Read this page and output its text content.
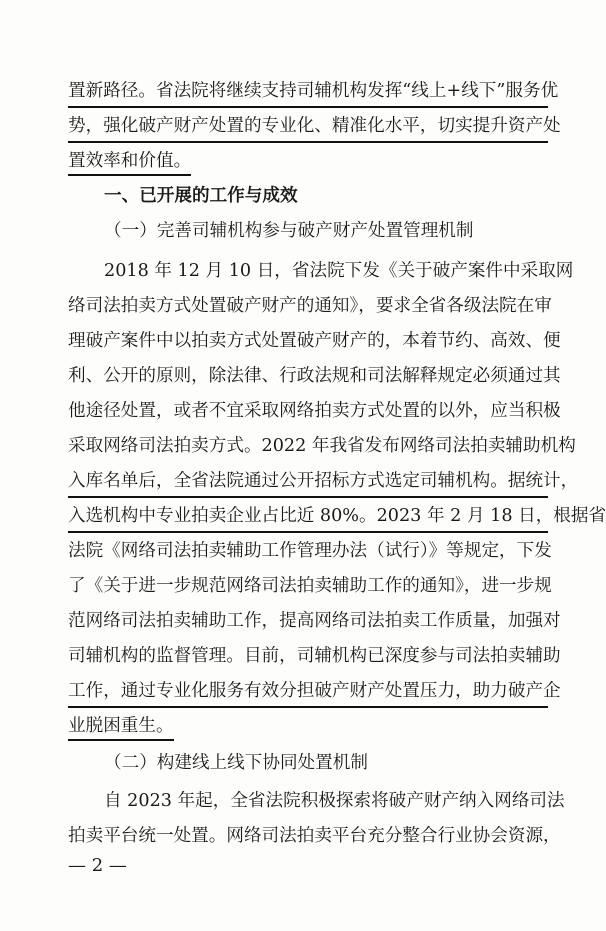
置新路径。省法院将继续支持司辅机构发挥“线上+线下”服务优
势，强化破产财产处置的专业化、精准化水平，切实提升资产处
置效率和价值。
一、已开展的工作与成效
（一）完善司辅机构参与破产财产处置管理机制
2018 年 12 月 10 日，省法院下发《关于破产案件中采取网
络司法拍卖方式处置破产财产的通知》，要求全省各级法院在审
理破产案件中以拍卖方式处置破产财产的，本着节约、高效、便
利、公开的原则，除法律、行政法规和司法解释规定必须通过其
他途径处置，或者不宜采取网络拍卖方式处置的以外，应当积极
采取网络司法拍卖方式。2022 年我省发布网络司法拍卖辅助机构
入库名单后，全省法院通过公开招标方式选定司辅机构。据统计，
入选机构中专业拍卖企业占比近 80%。2023 年 2 月 18 日，根据省
法院《网络司法拍卖辅助工作管理办法（试行）》等规定，下发
了《关于进一步规范网络司法拍卖辅助工作的通知》，进一步规
范网络司法拍卖辅助工作，提高网络司法拍卖工作质量，加强对
司辅机构的监督管理。目前，司辅机构已深度参与司法拍卖辅助
工作，通过专业化服务有效分担破产财产处置压力，助力破产企
业脱困重生。
（二）构建线上线下协同处置机制
自 2023 年起，全省法院积极探索将破产财产纳入网络司法
拍卖平台统一处置。网络司法拍卖平台充分整合行业协会资源，
— 2 —
